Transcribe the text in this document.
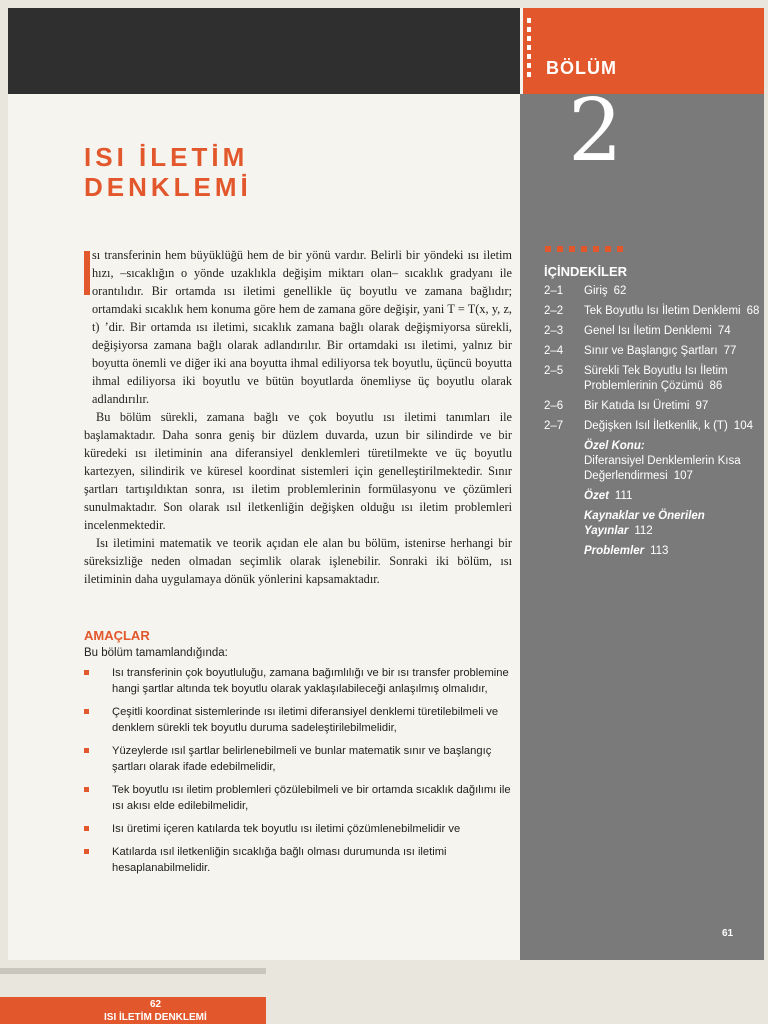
BÖLÜM
2
ISI İLETİM
DENKLEMİ

sı transferinin hem büyüklüğü hem de bir yönü vardır. Belirli bir yöndeki ısı iletim hızı, –sıcaklığın o yönde uzaklıkla değişim miktarı olan– sıcaklık gradyanı ile orantılıdır. Bir ortamda ısı iletimi genellikle üç boyutlu ve zamana bağlıdır; ortamdaki sıcaklık hem konuma göre hem de zamana göre değişir, yani T = T(x, y, z, t) ’dir. Bir ortamda ısı iletimi, sıcaklık zamana bağlı olarak değişmiyorsa sürekli, değişiyorsa zamana bağlı olarak adlandırılır. Bir ortamdaki ısı iletimi, yalnız bir boyutta önemli ve diğer iki ana boyutta ihmal ediliyorsa tek boyutlu, üçüncü boyutta ihmal ediliyorsa iki boyutlu ve bütün boyutlarda önemliyse üç boyutlu olarak adlandırılır.

Bu bölüm sürekli, zamana bağlı ve çok boyutlu ısı iletimi tanımları ile başlamaktadır. Daha sonra geniş bir düzlem duvarda, uzun bir silindirde ve bir küredeki ısı iletiminin ana diferansiyel denklemleri türetilmekte ve üç boyutlu kartezyen, silindirik ve küresel koordinat sistemleri için genelleştirilmektedir. Sınır şartları tartışıldıktan sonra, ısı iletim problemlerinin formülasyonu ve çözümleri sunulmaktadır. Son olarak ısıl iletkenliğin değişken olduğu ısı iletim problemleri incelenmektedir.

Isı iletimini matematik ve teorik açıdan ele alan bu bölüm, istenirse herhangi bir süreksizliğe neden olmadan seçimlik olarak işlenebilir. Sonraki iki bölüm, ısı iletiminin daha uygulamaya dönük yönlerini kapsamaktadır.

AMAÇLAR
Bu bölüm tamamlandığında:
Isı transferinin çok boyutluluğu, zamana bağımlılığı ve bir ısı transfer problemine hangi şartlar altında tek boyutlu olarak yaklaşılabileceği anlaşılmış olmalıdır,
Çeşitli koordinat sistemlerinde ısı iletimi diferansiyel denklemi türetilebilmeli ve denklem sürekli tek boyutlu duruma sadeleştirilebilmelidir,
Yüzeylerde ısıl şartlar belirlenebilmeli ve bunlar matematik sınır ve başlangıç şartları olarak ifade edebilmelidir,
Tek boyutlu ısı iletim problemleri çözülebilmeli ve bir ortamda sıcaklık dağılımı ile ısı akısı elde edilebilmelidir,
Isı üretimi içeren katılarda tek boyutlu ısı iletimi çözümlenebilmelidir ve
Katılarda ısıl iletkenliğin sıcaklığa bağlı olması durumunda ısı iletimi hesaplanabilmelidir.
İÇİNDEKİLER
2–1	Giriş 62
2–2	Tek Boyutlu Isı İletim Denklemi 68
2–3	Genel Isı İletim Denklemi 74
2–4	Sınır ve Başlangıç Şartları 77
2–5	Sürekli Tek Boyutlu Isı İletim Problemlerinin Çözümü 86
2–6	Bir Katıda Isı Üretimi 97
2–7	Değişken Isıl İletkenlik, k (T) 104
Özel Konu:
Diferansiyel Denklemlerin Kısa Değerlendirmesi 107
Özet 111
Kaynaklar ve Önerilen Yayınlar 112
Problemler 113
61
62
ISI İLETİM DENKLEMİ
